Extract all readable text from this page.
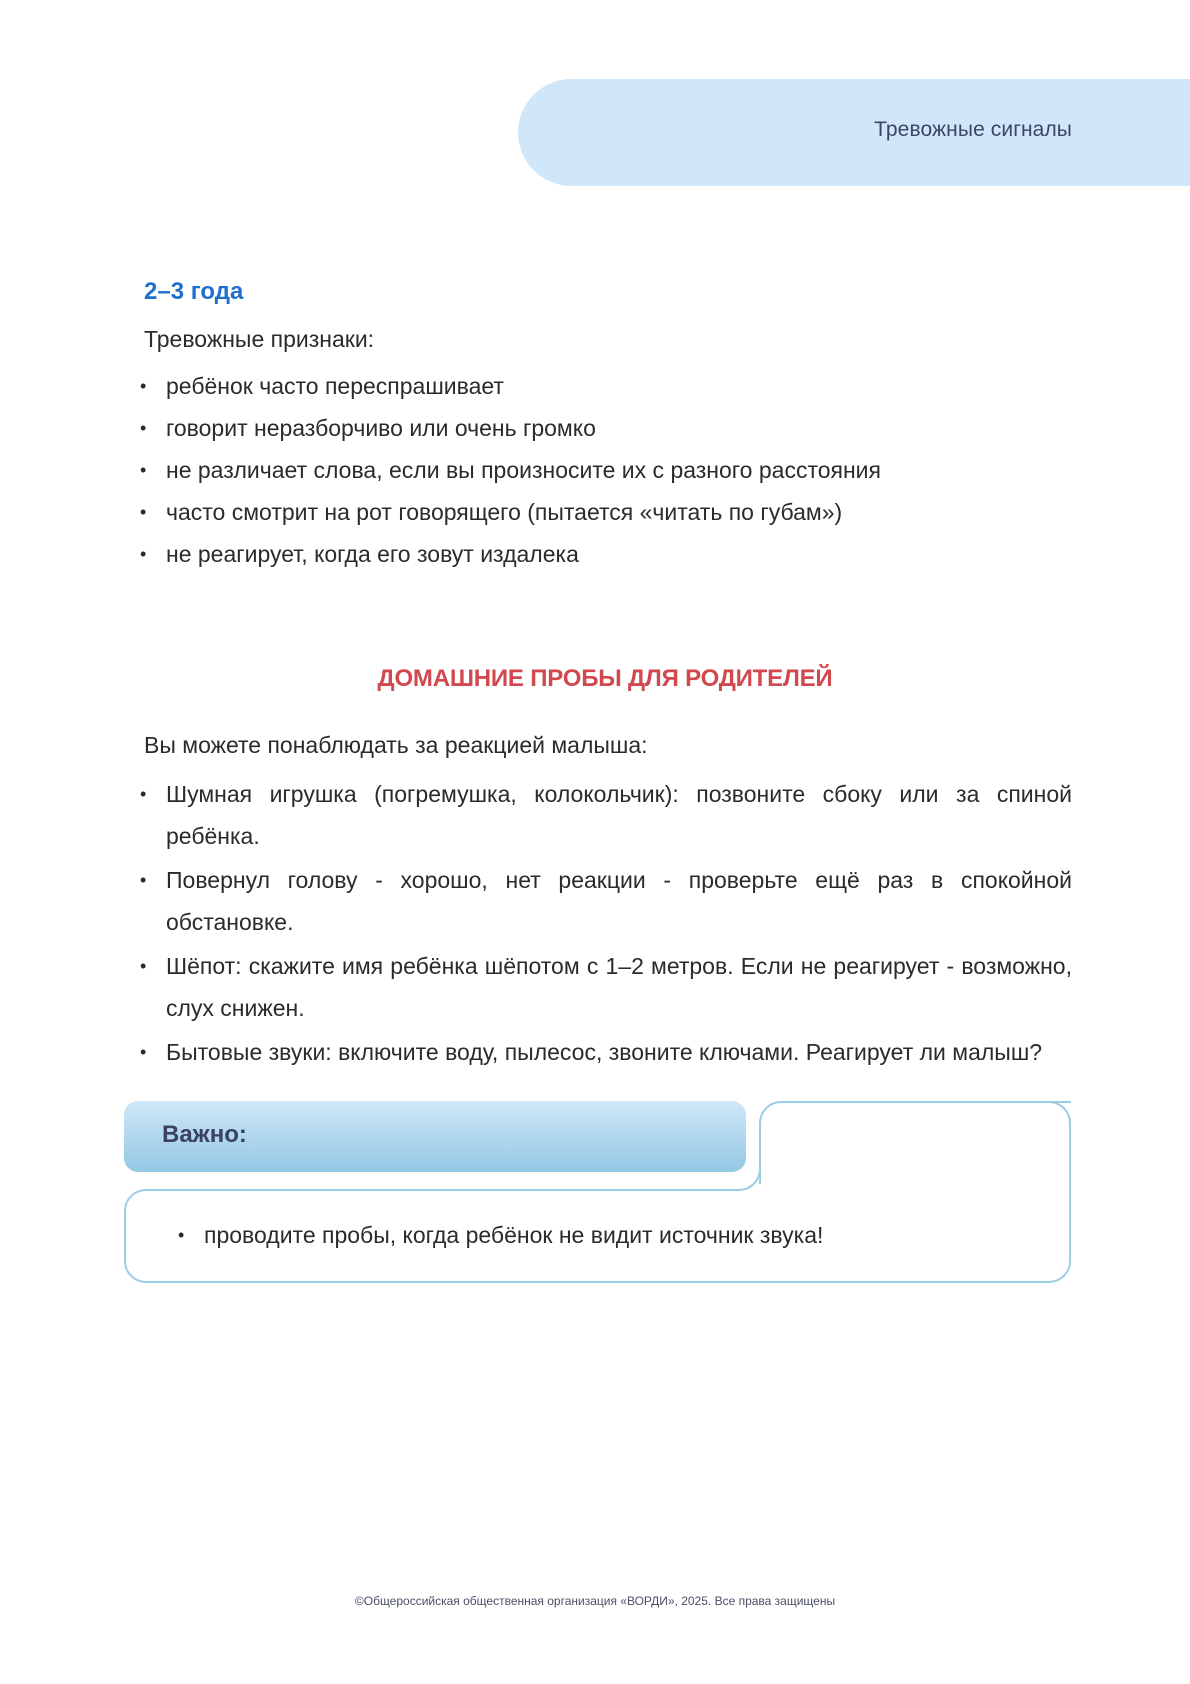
Тревожные сигналы
2–3 года

Тревожные признаки:

• ребёнок часто переспрашивает
• говорит неразборчиво или очень громко
• не различает слова, если вы произносите их с разного расстояния
• часто смотрит на рот говорящего (пытается «читать по губам»)
• не реагирует, когда его зовут издалека
ДОМАШНИЕ ПРОБЫ ДЛЯ РОДИТЕЛЕЙ

Вы можете понаблюдать за реакцией малыша:

• Шумная игрушка (погремушка, колокольчик): позвоните сбоку или за спиной ребёнка.
• Повернул голову - хорошо, нет реакции - проверьте ещё раз в спокойной обстановке.
• Шёпот: скажите имя ребёнка шёпотом с 1–2 метров. Если не реагирует - возможно, слух снижен.
• Бытовые звуки: включите воду, пылесос, звоните ключами. Реагирует ли малыш?
Важно:
• проводите пробы, когда ребёнок не видит источник звука!
©Общероссийская общественная организация «ВОРДИ», 2025. Все права защищены
